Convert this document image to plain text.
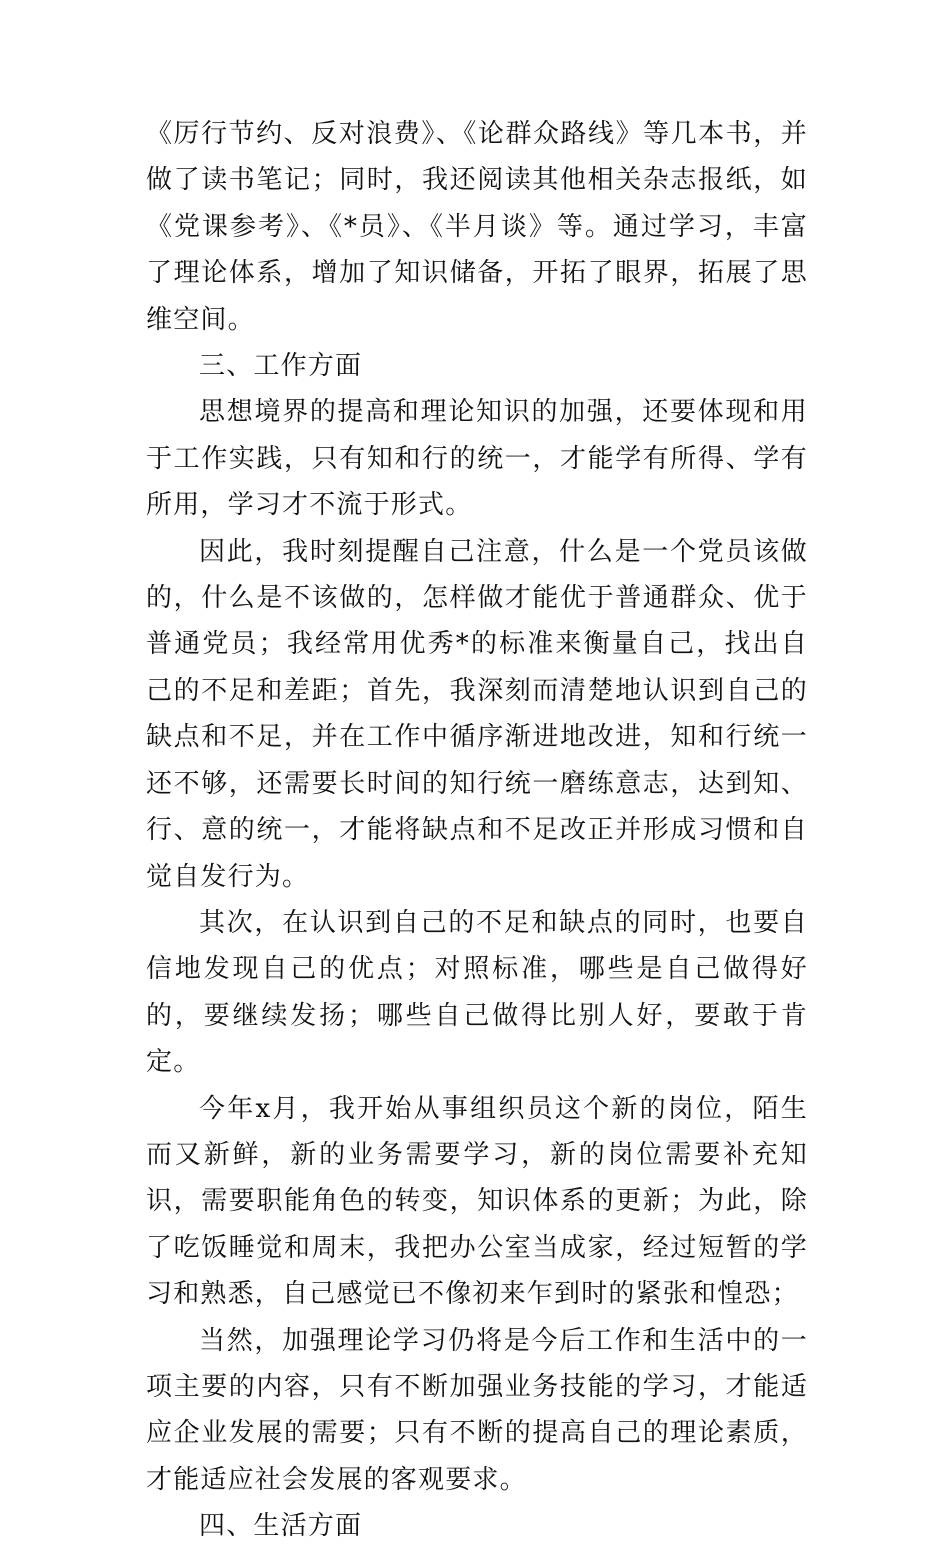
《厉行节约、反对浪费》、《论群众路线》等几本书，并做了读书笔记；同时，我还阅读其他相关杂志报纸，如《党课参考》、《*员》、《半月谈》等。通过学习，丰富了理论体系，增加了知识储备，开拓了眼界，拓展了思维空间。

三、工作方面

思想境界的提高和理论知识的加强，还要体现和用于工作实践，只有知和行的统一，才能学有所得、学有所用，学习才不流于形式。

因此，我时刻提醒自己注意，什么是一个党员该做的，什么是不该做的，怎样做才能优于普通群众、优于普通党员；我经常用优秀*的标准来衡量自己，找出自己的不足和差距；首先，我深刻而清楚地认识到自己的缺点和不足，并在工作中循序渐进地改进，知和行统一还不够，还需要长时间的知行统一磨练意志，达到知、行、意的统一，才能将缺点和不足改正并形成习惯和自觉自发行为。

其次，在认识到自己的不足和缺点的同时，也要自信地发现自己的优点；对照标准，哪些是自己做得好的，要继续发扬；哪些自己做得比别人好，要敢于肯定。

今年x月，我开始从事组织员这个新的岗位，陌生而又新鲜，新的业务需要学习，新的岗位需要补充知识，需要职能角色的转变，知识体系的更新；为此，除了吃饭睡觉和周末，我把办公室当成家，经过短暂的学习和熟悉，自己感觉已不像初来乍到时的紧张和惶恐；

当然，加强理论学习仍将是今后工作和生活中的一项主要的内容，只有不断加强业务技能的学习，才能适应企业发展的需要；只有不断的提高自己的理论素质，才能适应社会发展的客观要求。

四、生活方面
